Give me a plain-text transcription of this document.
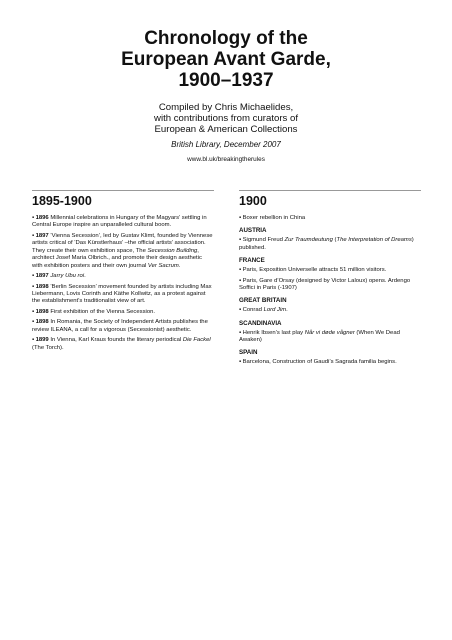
Chronology of the
European Avant Garde,
1900–1937
Compiled by Chris Michaelides,
with contributions from curators of
European & American Collections
British Library, December 2007
www.bl.uk/breakingtherules
1895-1900
▪ 1896 Millennial celebrations in Hungary of the Magyars’ settling in Central Europe inspire an unparalleled cultural boom.
▪ 1897 ‘Vienna Secession’, led by Gustav Klimt, founded by Viennese artists critical of ‘Das Künstlerhaus’ –the official artists’ association. They create their own exhibition space, The Secession Building, architect Josef Maria Olbrich., and promote their design aesthetic with exhibition posters and their own journal Ver Sacrum.
▪ 1897 Jarry Ubu roi.
▪ 1898 ‘Berlin Secession’ movement founded by artists including Max Liebermann, Lovis Corinth and Käthe Kollwitz, as a protest against the establishment’s traditionalist view of art.
▪ 1898 First exhibition of the Vienna Secession.
▪ 1898 In Romania, the Society of Independent Artists publishes the review ILEANA, a call for a vigorous (Secessionist) aesthetic.
▪ 1899 In Vienna, Karl Kraus founds the literary periodical Die Fackel (The Torch).
1900
▪ Boxer rebellion in China
AUSTRIA
▪ Sigmund Freud Zur Traumdeutung (The Interpretation of Dreams) published.
FRANCE
▪ Paris, Exposition Universelle attracts 51 million visitors.
▪ Paris, Gare d’Orsay (designed by Victor Laloux) opens. Ardengo Soffici in Paris (-1907)
GREAT BRITAIN
▪ Conrad Lord Jim.
SCANDINAVIA
▪ Henrik Ibsen’s last play Når vi døde vågner (When We Dead Awaken)
SPAIN
▪ Barcelona, Construction of Gaudi’s Sagrada familia begins.
